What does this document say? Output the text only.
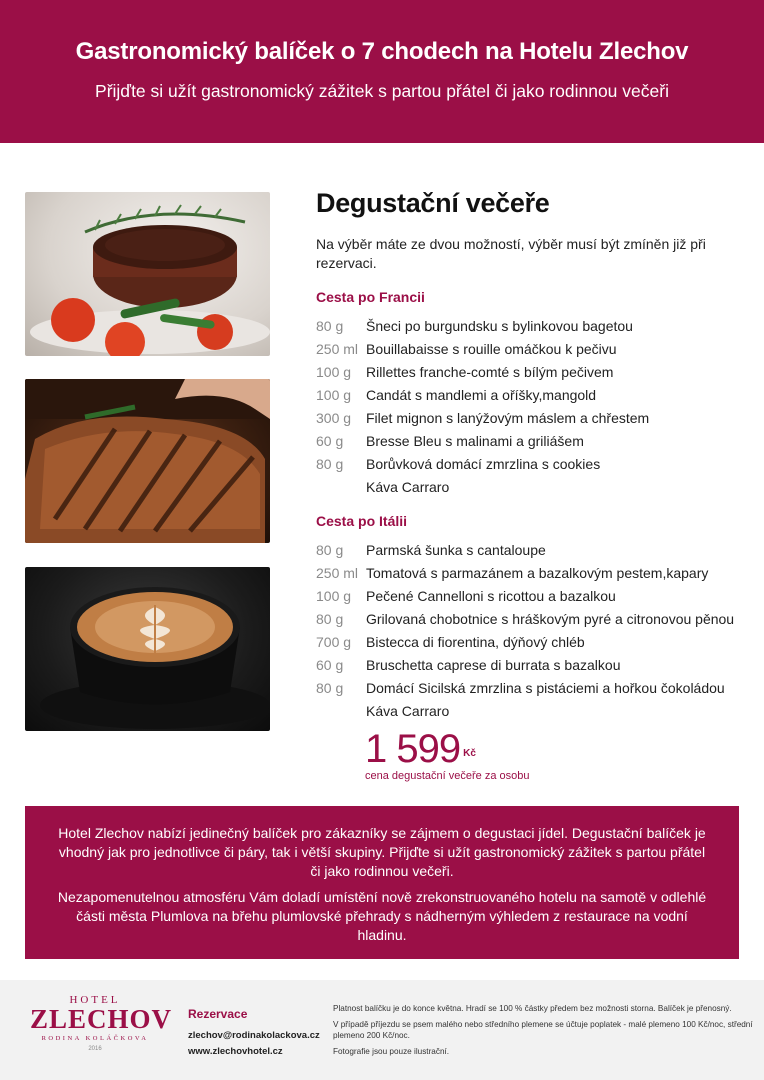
Gastronomický balíček o 7 chodech na Hotelu Zlechov

Přijďte si užít gastronomický zážitek s partou přátel či jako rodinnou večeři

Degustační večeře

Na výběr máte ze dvou možností, výběr musí být zmíněn již při rezervaci.

Cesta po Francii
80 g	Šneci po burgundsku s bylinkovou bagetou
250 ml Bouillabaisse s rouille omáčkou k pečivu
100 g	Rillettes franche-comté s bílým pečivem
100 g	Candát s mandlemi a oříšky,mangold
300 g	Filet mignon s lanýžovým máslem a chřestem
60 g	Bresse Bleu s malinami a griliášem
80 g	Borůvková domácí zmrzlina s cookies
Káva Carraro
Cesta po Itálii
80 g	Parmská šunka s cantaloupe
250 ml Tomatová s parmazánem a bazalkovým pestem,kapary
100 g	Pečené Cannelloni s ricottou a bazalkou
80 g	Grilovaná chobotnice s hráškovým pyré a citronovou pěnou
700 g	Bistecca di fiorentina, dýňový chléb
60 g	Bruschetta caprese di burrata s bazalkou
80 g	Domácí Sicilská zmrzlina s pistáciemi a hořkou čokoládou
Káva Carraro
1 599 Kč
cena degustační večeře za osobu

Hotel Zlechov nabízí jedinečný balíček pro zákazníky se zájmem o degustaci jídel. Degustační balíček je vhodný jak pro jednotlivce či páry, tak i větší skupiny. Přijďte si užít gastronomický zážitek s partou přátel či jako rodinnou večeři.

Nezapomenutelnou atmosféru Vám doladí umístění nově zrekonstruovaného hotelu na samotě v odlehlé části města Plumlova na břehu plumlovské přehrady s nádherným výhledem z restaurace na vodní hladinu.

HOTEL
ZLECHOV
RODINA KOLÁČKOVA
2016
Rezervace
zlechov@rodinakolackova.cz
www.zlechovhotel.cz

Platnost balíčku je do konce května. Hradí se 100 % částky předem bez možnosti storna. Balíček je přenosný.

V případě příjezdu se psem malého nebo středního plemene se účtuje poplatek - malé plemeno 100 Kč/noc, střední plemeno 200 Kč/noc.

Fotografie jsou pouze ilustrační.
